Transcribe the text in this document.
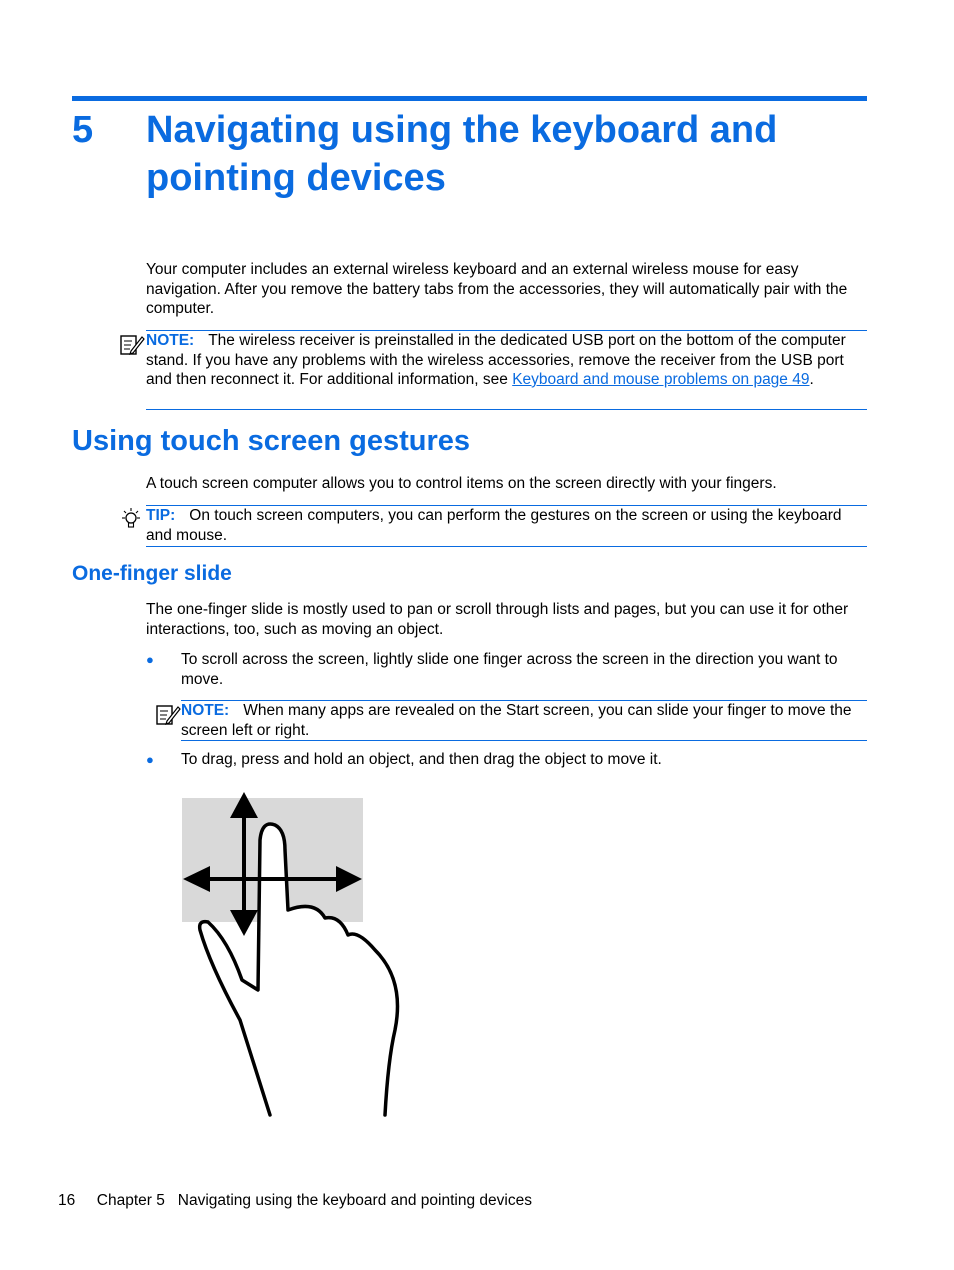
5 Navigating using the keyboard and pointing devices
Your computer includes an external wireless keyboard and an external wireless mouse for easy navigation. After you remove the battery tabs from the accessories, they will automatically pair with the computer.
NOTE: The wireless receiver is preinstalled in the dedicated USB port on the bottom of the computer stand. If you have any problems with the wireless accessories, remove the receiver from the USB port and then reconnect it. For additional information, see Keyboard and mouse problems on page 49.
Using touch screen gestures
A touch screen computer allows you to control items on the screen directly with your fingers.
TIP: On touch screen computers, you can perform the gestures on the screen or using the keyboard and mouse.
One-finger slide
The one-finger slide is mostly used to pan or scroll through lists and pages, but you can use it for other interactions, too, such as moving an object.
● To scroll across the screen, lightly slide one finger across the screen in the direction you want to move.
NOTE: When many apps are revealed on the Start screen, you can slide your finger to move the screen left or right.
● To drag, press and hold an object, and then drag the object to move it.
16 Chapter 5 Navigating using the keyboard and pointing devices
